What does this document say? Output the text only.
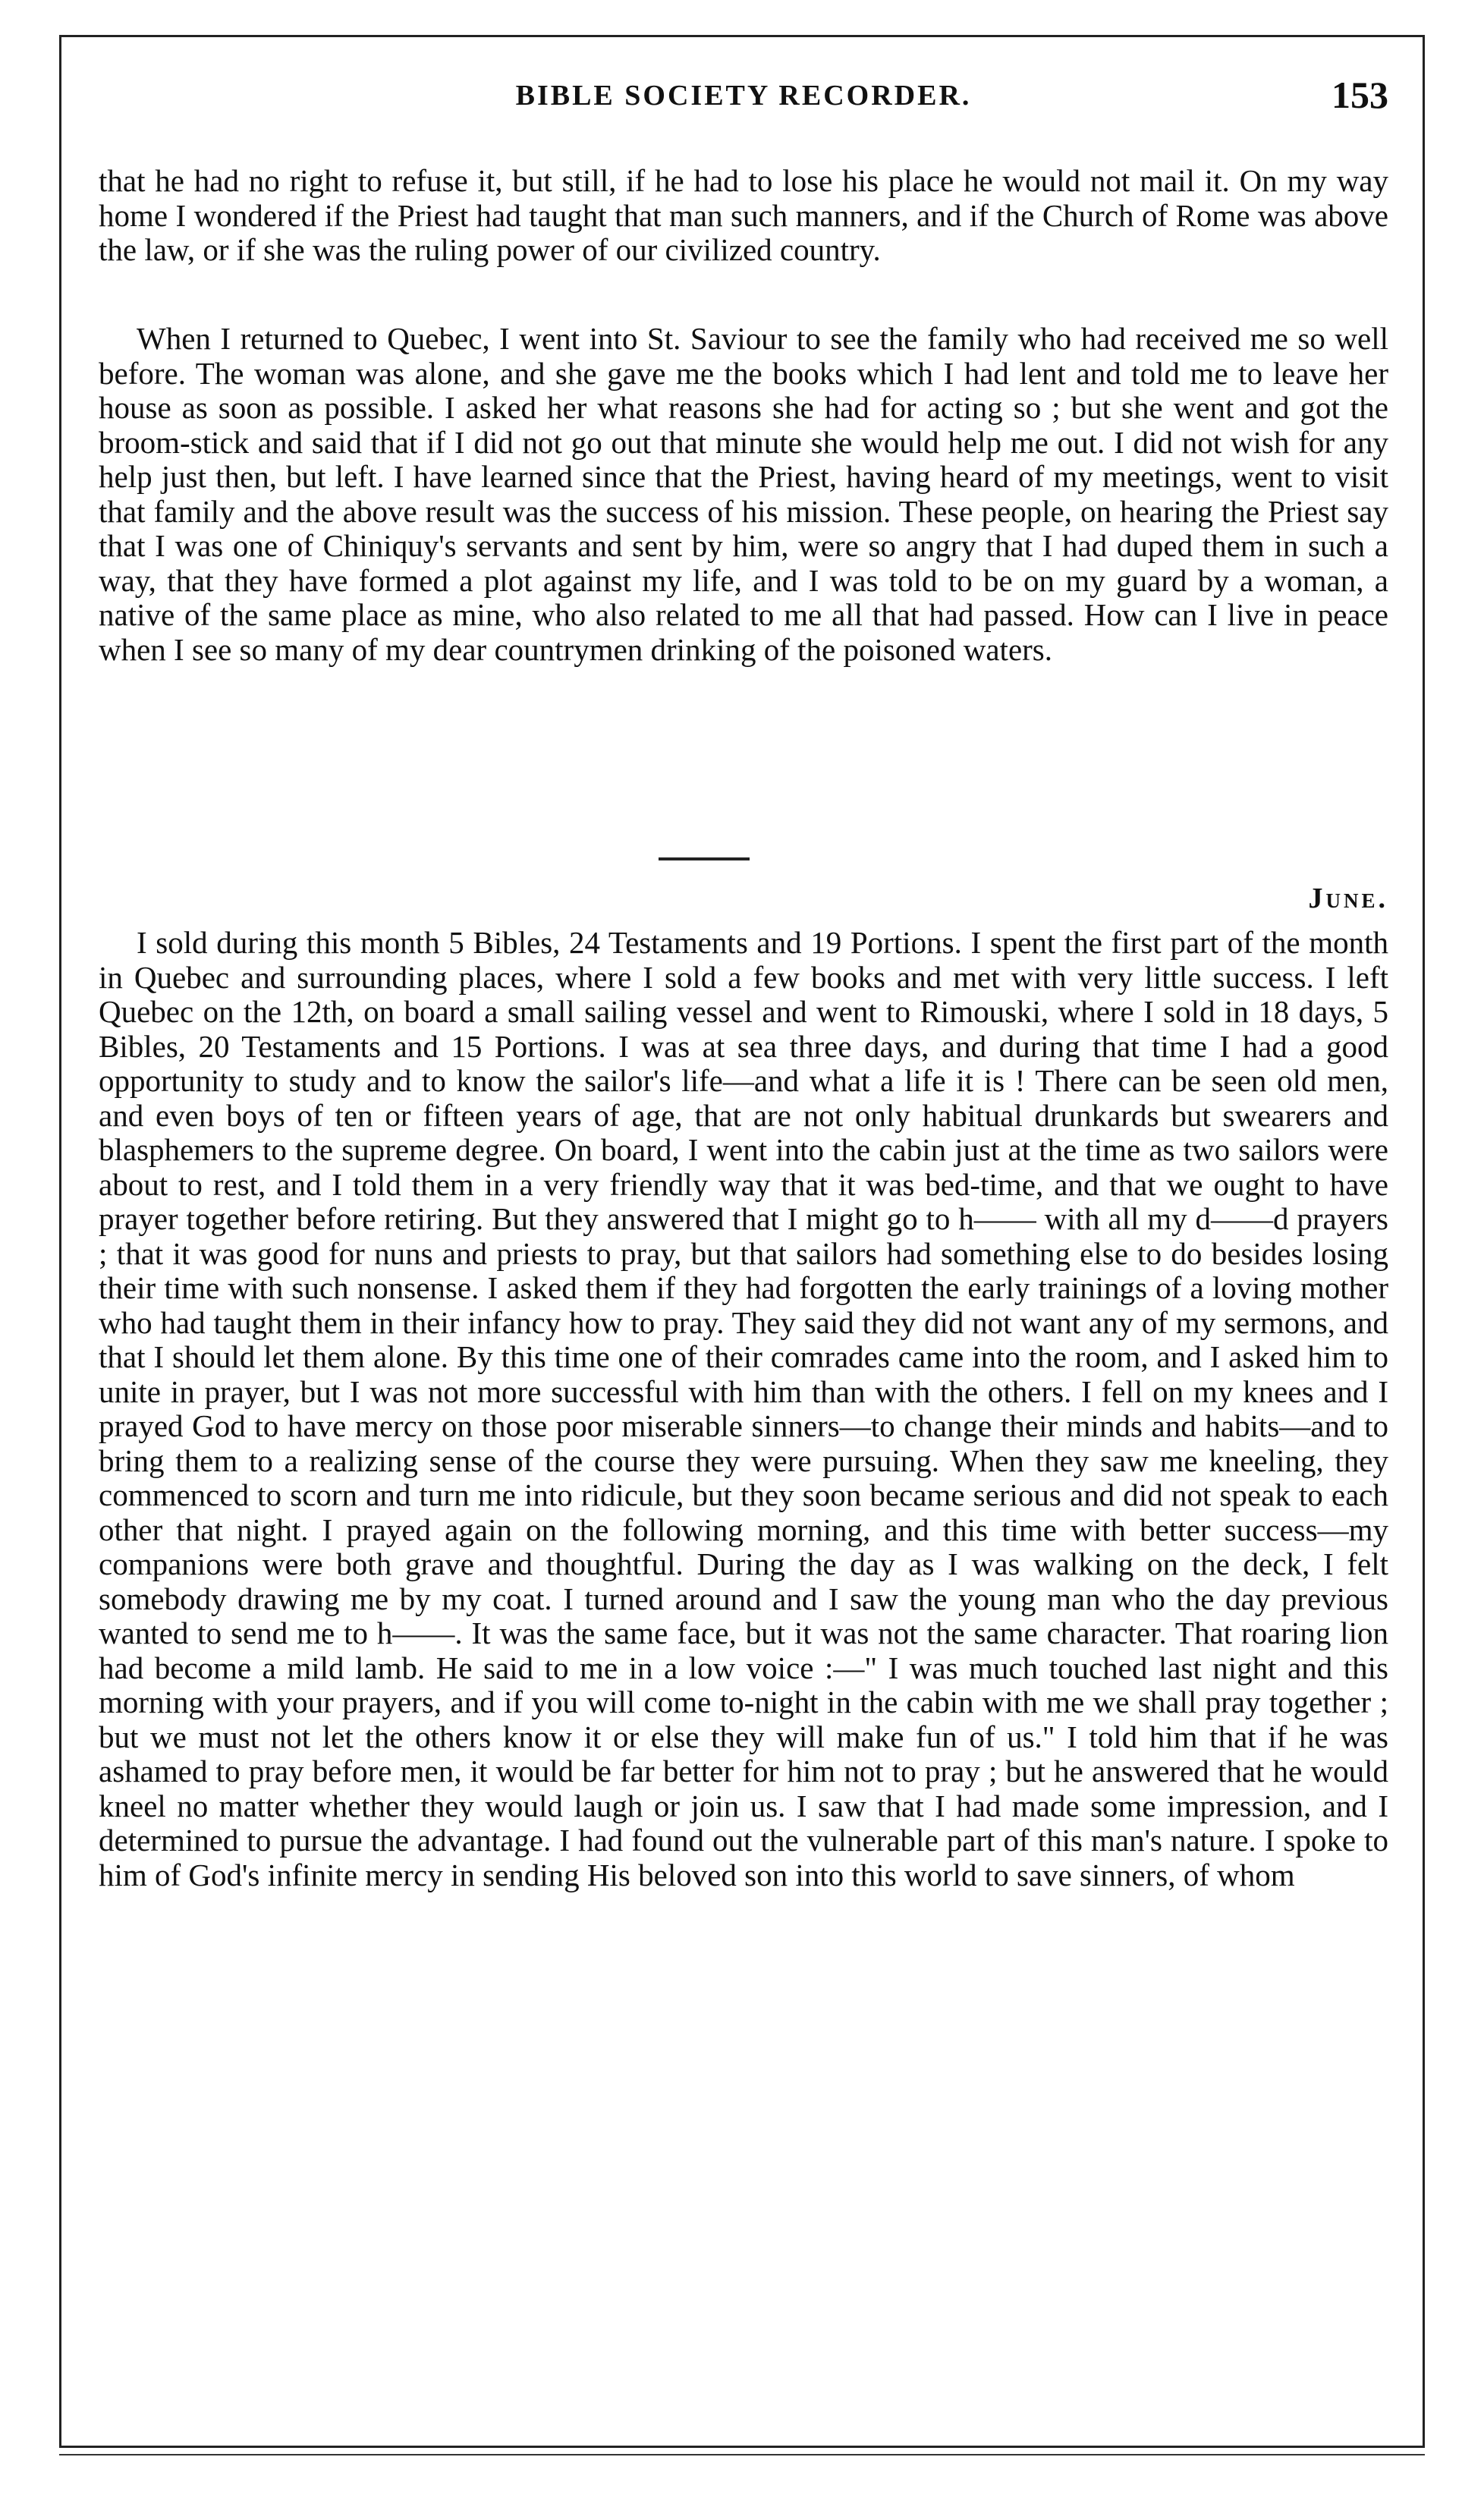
BIBLE SOCIETY RECORDER.	153

that he had no right to refuse it, but still, if he had to lose his place he would not mail it. On my way home I wondered if the Priest had taught that man such manners, and if the Church of Rome was above the law, or if she was the ruling power of our civilized country.

When I returned to Quebec, I went into St. Saviour to see the family who had received me so well before. The woman was alone, and she gave me the books which I had lent and told me to leave her house as soon as possible. I asked her what reasons she had for acting so ; but she went and got the broom-stick and said that if I did not go out that minute she would help me out. I did not wish for any help just then, but left. I have learned since that the Priest, having heard of my meetings, went to visit that family and the above result was the success of his mission. These people, on hearing the Priest say that I was one of Chiniquy's servants and sent by him, were so angry that I had duped them in such a way, that they have formed a plot against my life, and I was told to be on my guard by a woman, a native of the same place as mine, who also related to me all that had passed. How can I live in peace when I see so many of my dear countrymen drinking of the poisoned waters.

June.

I sold during this month 5 Bibles, 24 Testaments and 19 Portions. I spent the first part of the month in Quebec and surrounding places, where I sold a few books and met with very little success. I left Quebec on the 12th, on board a small sailing vessel and went to Rimouski, where I sold in 18 days, 5 Bibles, 20 Testaments and 15 Portions. I was at sea three days, and during that time I had a good opportunity to study and to know the sailor's life—and what a life it is ! There can be seen old men, and even boys of ten or fifteen years of age, that are not only habitual drunkards but swearers and blasphemers to the supreme degree. On board, I went into the cabin just at the time as two sailors were about to rest, and I told them in a very friendly way that it was bed-time, and that we ought to have prayer together before retiring. But they answered that I might go to h—— with all my d——d prayers ; that it was good for nuns and priests to pray, but that sailors had something else to do besides losing their time with such nonsense. I asked them if they had forgotten the early trainings of a loving mother who had taught them in their infancy how to pray. They said they did not want any of my sermons, and that I should let them alone. By this time one of their comrades came into the room, and I asked him to unite in prayer, but I was not more successful with him than with the others. I fell on my knees and I prayed God to have mercy on those poor miserable sinners—to change their minds and habits—and to bring them to a realizing sense of the course they were pursuing. When they saw me kneeling, they commenced to scorn and turn me into ridicule, but they soon became serious and did not speak to each other that night. I prayed again on the following morning, and this time with better success—my companions were both grave and thoughtful. During the day as I was walking on the deck, I felt somebody drawing me by my coat. I turned around and I saw the young man who the day previous wanted to send me to h——. It was the same face, but it was not the same character. That roaring lion had become a mild lamb. He said to me in a low voice :—" I was much touched last night and this morning with your prayers, and if you will come to-night in the cabin with me we shall pray together ; but we must not let the others know it or else they will make fun of us." I told him that if he was ashamed to pray before men, it would be far better for him not to pray ; but he answered that he would kneel no matter whether they would laugh or join us. I saw that I had made some impression, and I determined to pursue the advantage. I had found out the vulnerable part of this man's nature. I spoke to him of God's infinite mercy in sending His beloved son into this world to save sinners, of whom
